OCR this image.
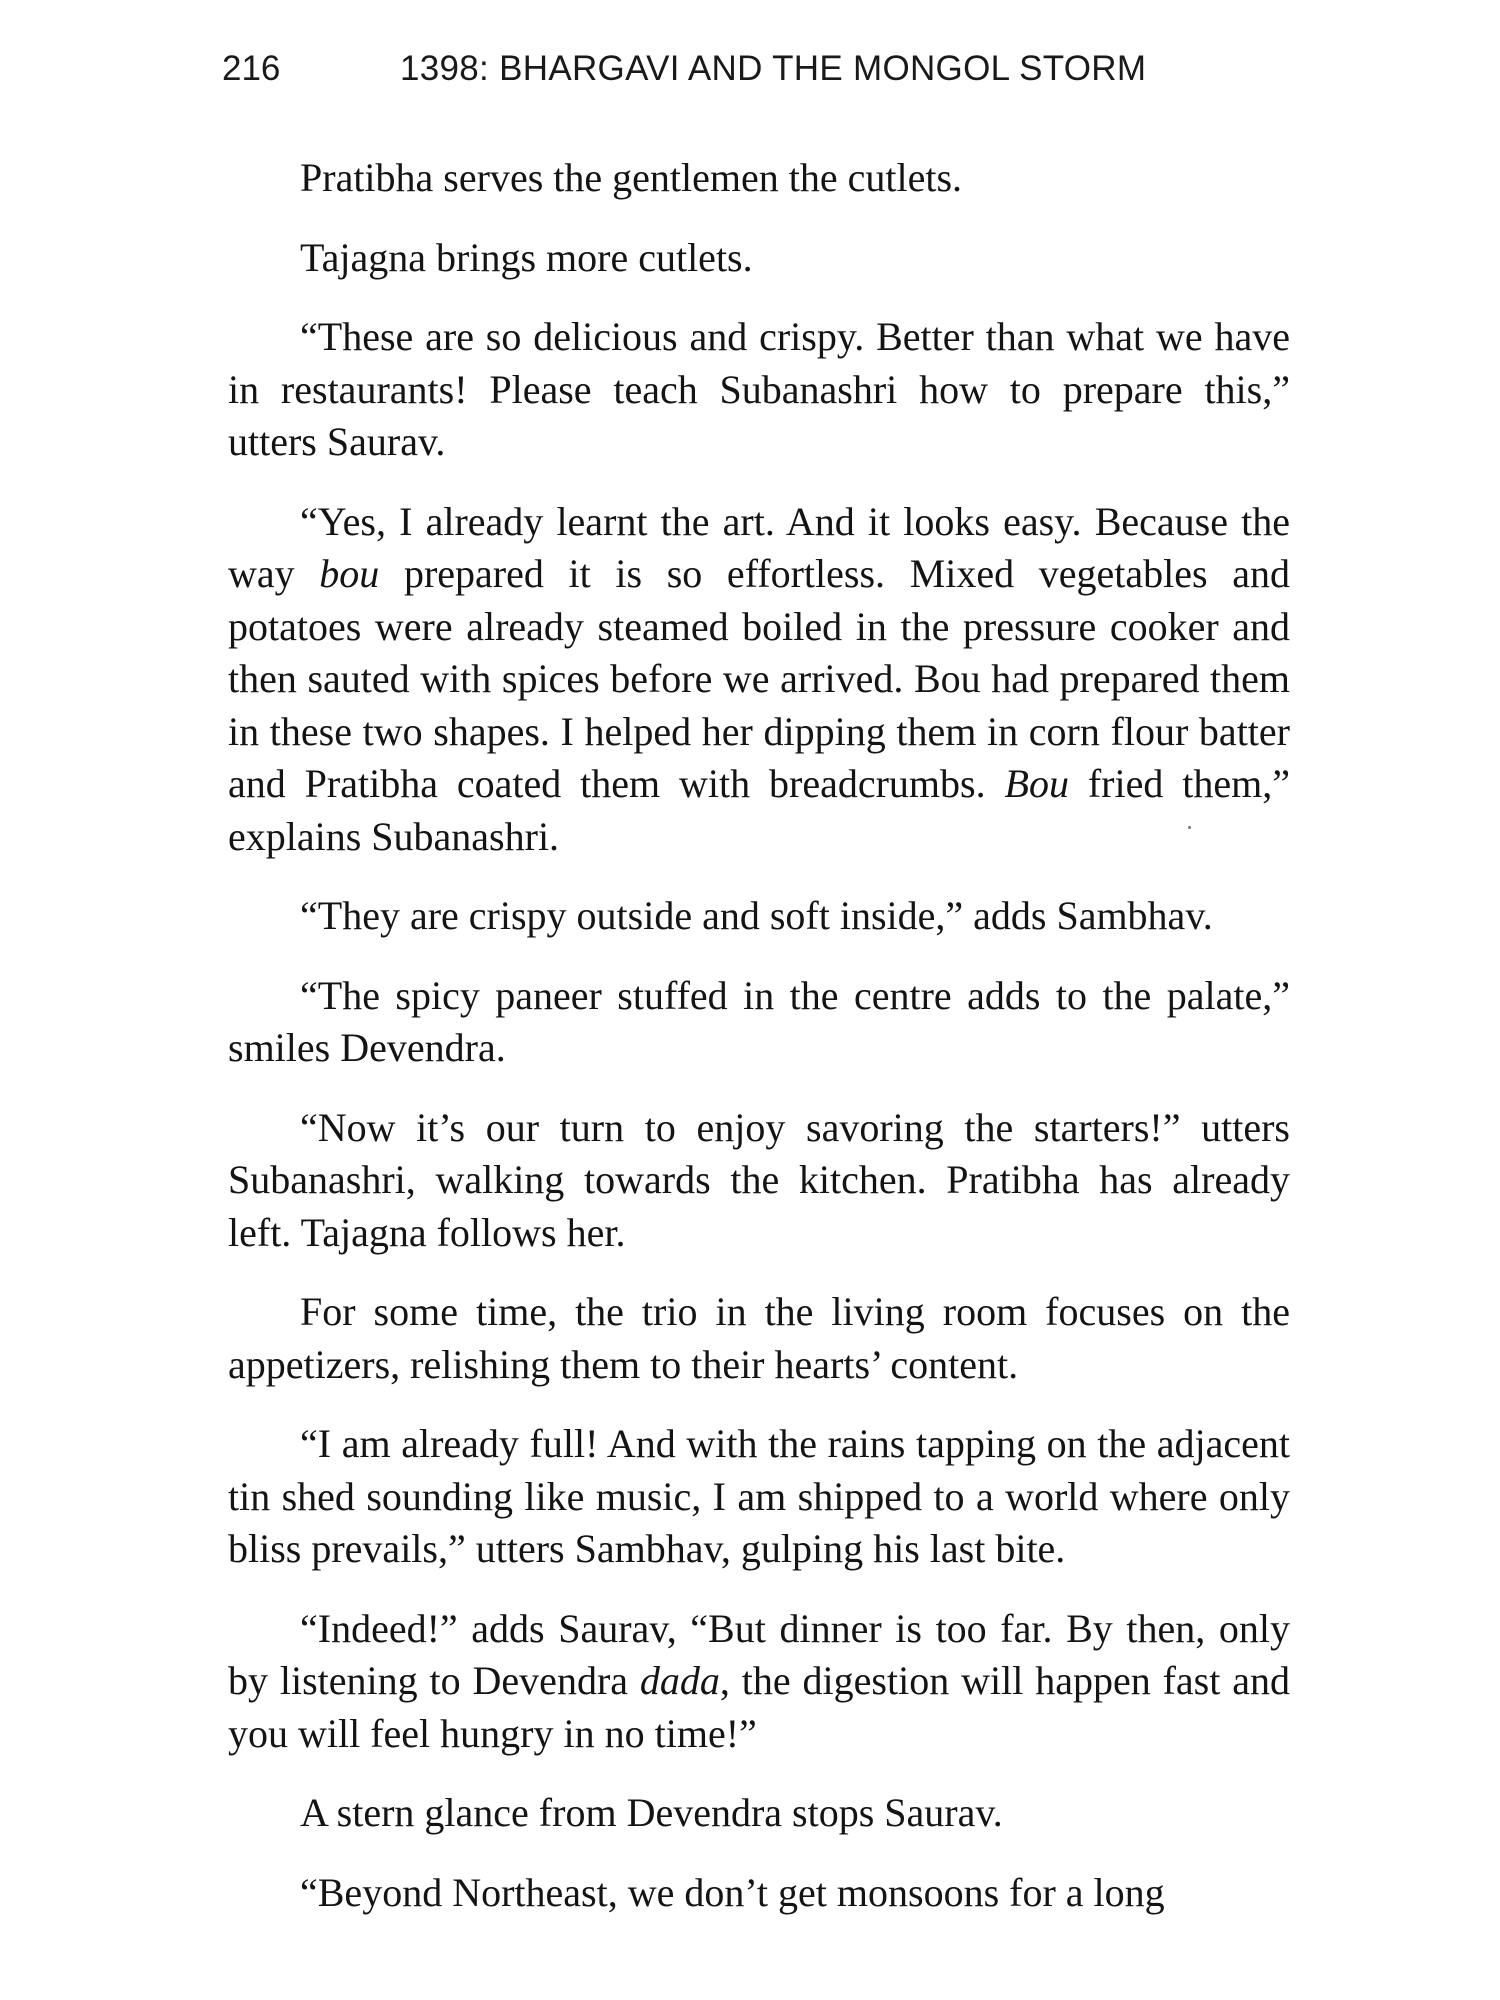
216	1398: BHARGAVI AND THE MONGOL STORM

Pratibha serves the gentlemen the cutlets.

Tajagna brings more cutlets.

“These are so delicious and crispy. Better than what we have in restaurants! Please teach Subanashri how to prepare this,” utters Saurav.

“Yes, I already learnt the art. And it looks easy. Because the way bou prepared it is so effortless. Mixed vegetables and potatoes were already steamed boiled in the pressure cooker and then sauted with spices before we arrived. Bou had prepared them in these two shapes. I helped her dipping them in corn flour batter and Pratibha coated them with breadcrumbs. Bou fried them,” explains Subanashri.

“They are crispy outside and soft inside,” adds Sambhav.

“The spicy paneer stuffed in the centre adds to the palate,” smiles Devendra.

“Now it’s our turn to enjoy savoring the starters!” utters Subanashri, walking towards the kitchen. Pratibha has already left. Tajagna follows her.

For some time, the trio in the living room focuses on the appetizers, relishing them to their hearts’ content.

“I am already full! And with the rains tapping on the adjacent tin shed sounding like music, I am shipped to a world where only bliss prevails,” utters Sambhav, gulping his last bite.

“Indeed!” adds Saurav, “But dinner is too far. By then, only by listening to Devendra dada, the digestion will happen fast and you will feel hungry in no time!”

A stern glance from Devendra stops Saurav.

“Beyond Northeast, we don’t get monsoons for a long
